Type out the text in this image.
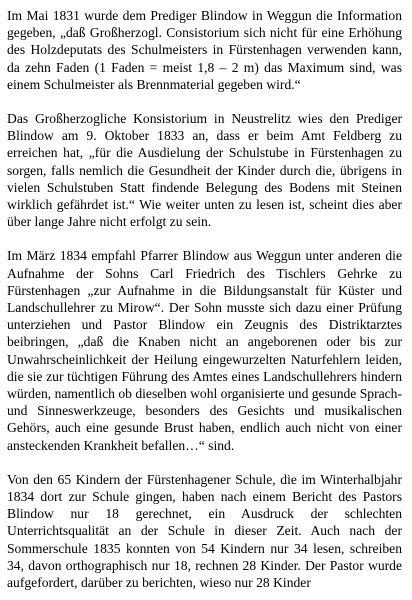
Im Mai 1831 wurde dem Prediger Blindow in Weggun die Information gegeben, „daß Großherzogl. Consistorium sich nicht für eine Erhöhung des Holzdeputats des Schulmeisters in Fürstenhagen verwenden kann, da zehn Faden (1 Faden = meist 1,8 – 2 m) das Maximum sind, was einem Schulmeister als Brennmaterial gegeben wird.“

Das Großherzogliche Konsistorium in Neustrelitz wies den Prediger Blindow am 9. Oktober 1833 an, dass er beim Amt Feldberg zu erreichen hat, „für die Ausdielung der Schulstube in Fürstenhagen zu sorgen, falls nemlich die Gesundheit der Kinder durch die, übrigens in vielen Schulstuben Statt findende Belegung des Bodens mit Steinen wirklich gefährdet ist.“ Wie weiter unten zu lesen ist, scheint dies aber über lange Jahre nicht erfolgt zu sein.

Im März 1834 empfahl Pfarrer Blindow aus Weggun unter anderen die Aufnahme der Sohns Carl Friedrich des Tischlers Gehrke zu Fürstenhagen „zur Aufnahme in die Bildungsanstalt für Küster und Landschullehrer zu Mirow“. Der Sohn musste sich dazu einer Prüfung unterziehen und Pastor Blindow ein Zeugnis des Distriktarztes beibringen, „daß die Knaben nicht an angeborenen oder bis zur Unwahrscheinlichkeit der Heilung eingewurzelten Naturfehlern leiden, die sie zur tüchtigen Führung des Amtes eines Landschullehrers hindern würden, namentlich ob dieselben wohl organisierte und gesunde Sprach- und Sinneswerkzeuge, besonders des Gesichts und musikalischen Gehörs, auch eine gesunde Brust haben, endlich auch nicht von einer ansteckenden Krankheit befallen…“ sind.

Von den 65 Kindern der Fürstenhagener Schule, die im Winterhalbjahr 1834 dort zur Schule gingen, haben nach einem Bericht des Pastors Blindow nur 18 gerechnet, ein Ausdruck der schlechten Unterrichtsqualität an der Schule in dieser Zeit. Auch nach der Sommerschule 1835 konnten von 54 Kindern nur 34 lesen, schreiben 34, davon orthographisch nur 18, rechnen 28 Kinder. Der Pastor wurde aufgefordert, darüber zu berichten, wieso nur 28 Kinder
